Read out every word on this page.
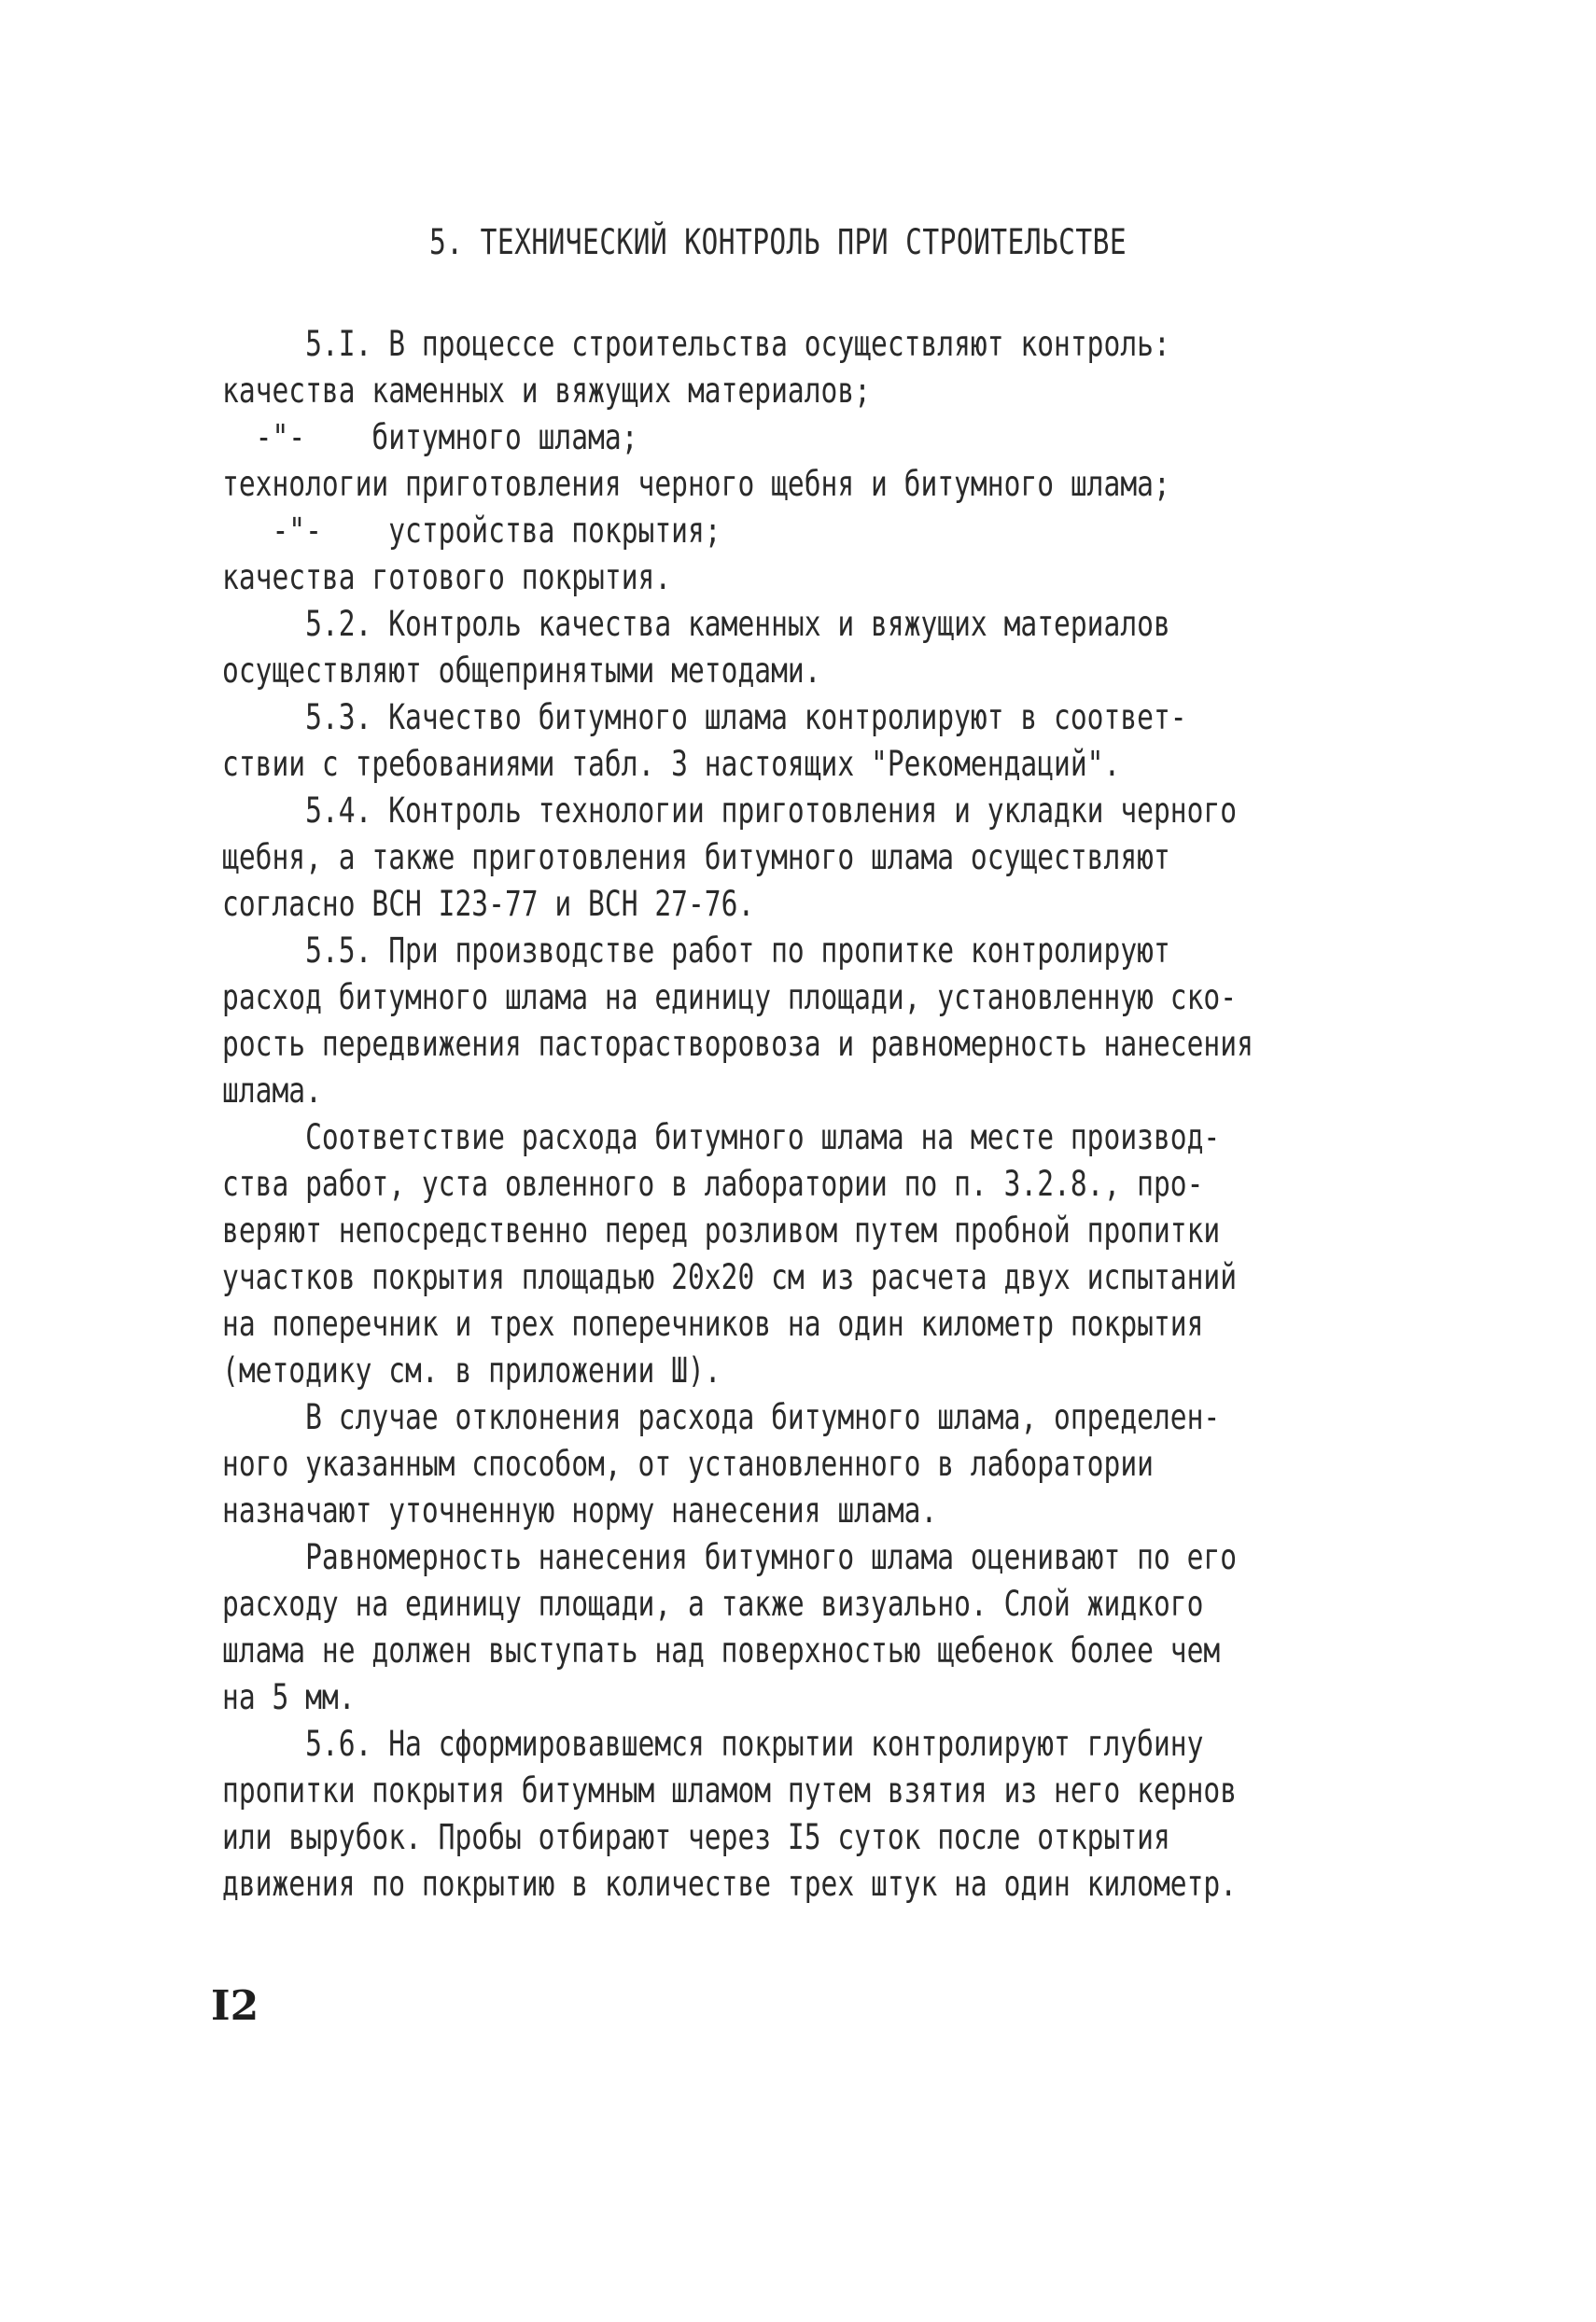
5. ТЕХНИЧЕСКИЙ КОНТРОЛЬ ПРИ СТРОИТЕЛЬСТВЕ
5.I. В процессе строительства осуществляют контроль:
качества каменных и вяжущих материалов;
-"-    битумного шлама;
технологии приготовления черного щебня и битумного шлама;
-"-    устройства покрытия;
качества готового покрытия.
5.2. Контроль качества каменных и вяжущих материалов
осуществляют общепринятыми методами.
5.3. Качество битумного шлама контролируют в соответ-
ствии с требованиями табл. 3 настоящих "Рекомендаций".
5.4. Контроль технологии приготовления и укладки черного
щебня, а также приготовления битумного шлама осуществляют
согласно ВСН I23-77 и ВСН 27-76.
5.5. При производстве работ по пропитке контролируют
расход битумного шлама на единицу площади, установленную ско-
рость передвижения пастораствоpовоза и равномерность нанесения
шлама.
Соответствие расхода битумного шлама на месте производ-
ства работ, уста овленного в лаборатории по п. 3.2.8., про-
веряют непосредственно перед розливом путем пробной пропитки
участков покрытия площадью 20х20 см из расчета двух испытаний
на поперечник и трех поперечников на один километр покрытия
(методику см. в приложении Ш).
В случае отклонения расхода битумного шлама, определен-
ного указанным способом, от установленного в лаборатории
назначают уточненную норму нанесения шлама.
Равномерность нанесения битумного шлама оценивают по его
расходу на единицу площади, а также визуально. Слой жидкого
шлама не должен выступать над поверхностью щебенок более чем
на 5 мм.
5.6. На сформировавшемся покрытии контролируют глубину
пропитки покрытия битумным шламом путем взятия из него кернов
или вырубок. Пробы отбирают через I5 суток после открытия
движения по покрытию в количестве трех штук на один километр.
I2
